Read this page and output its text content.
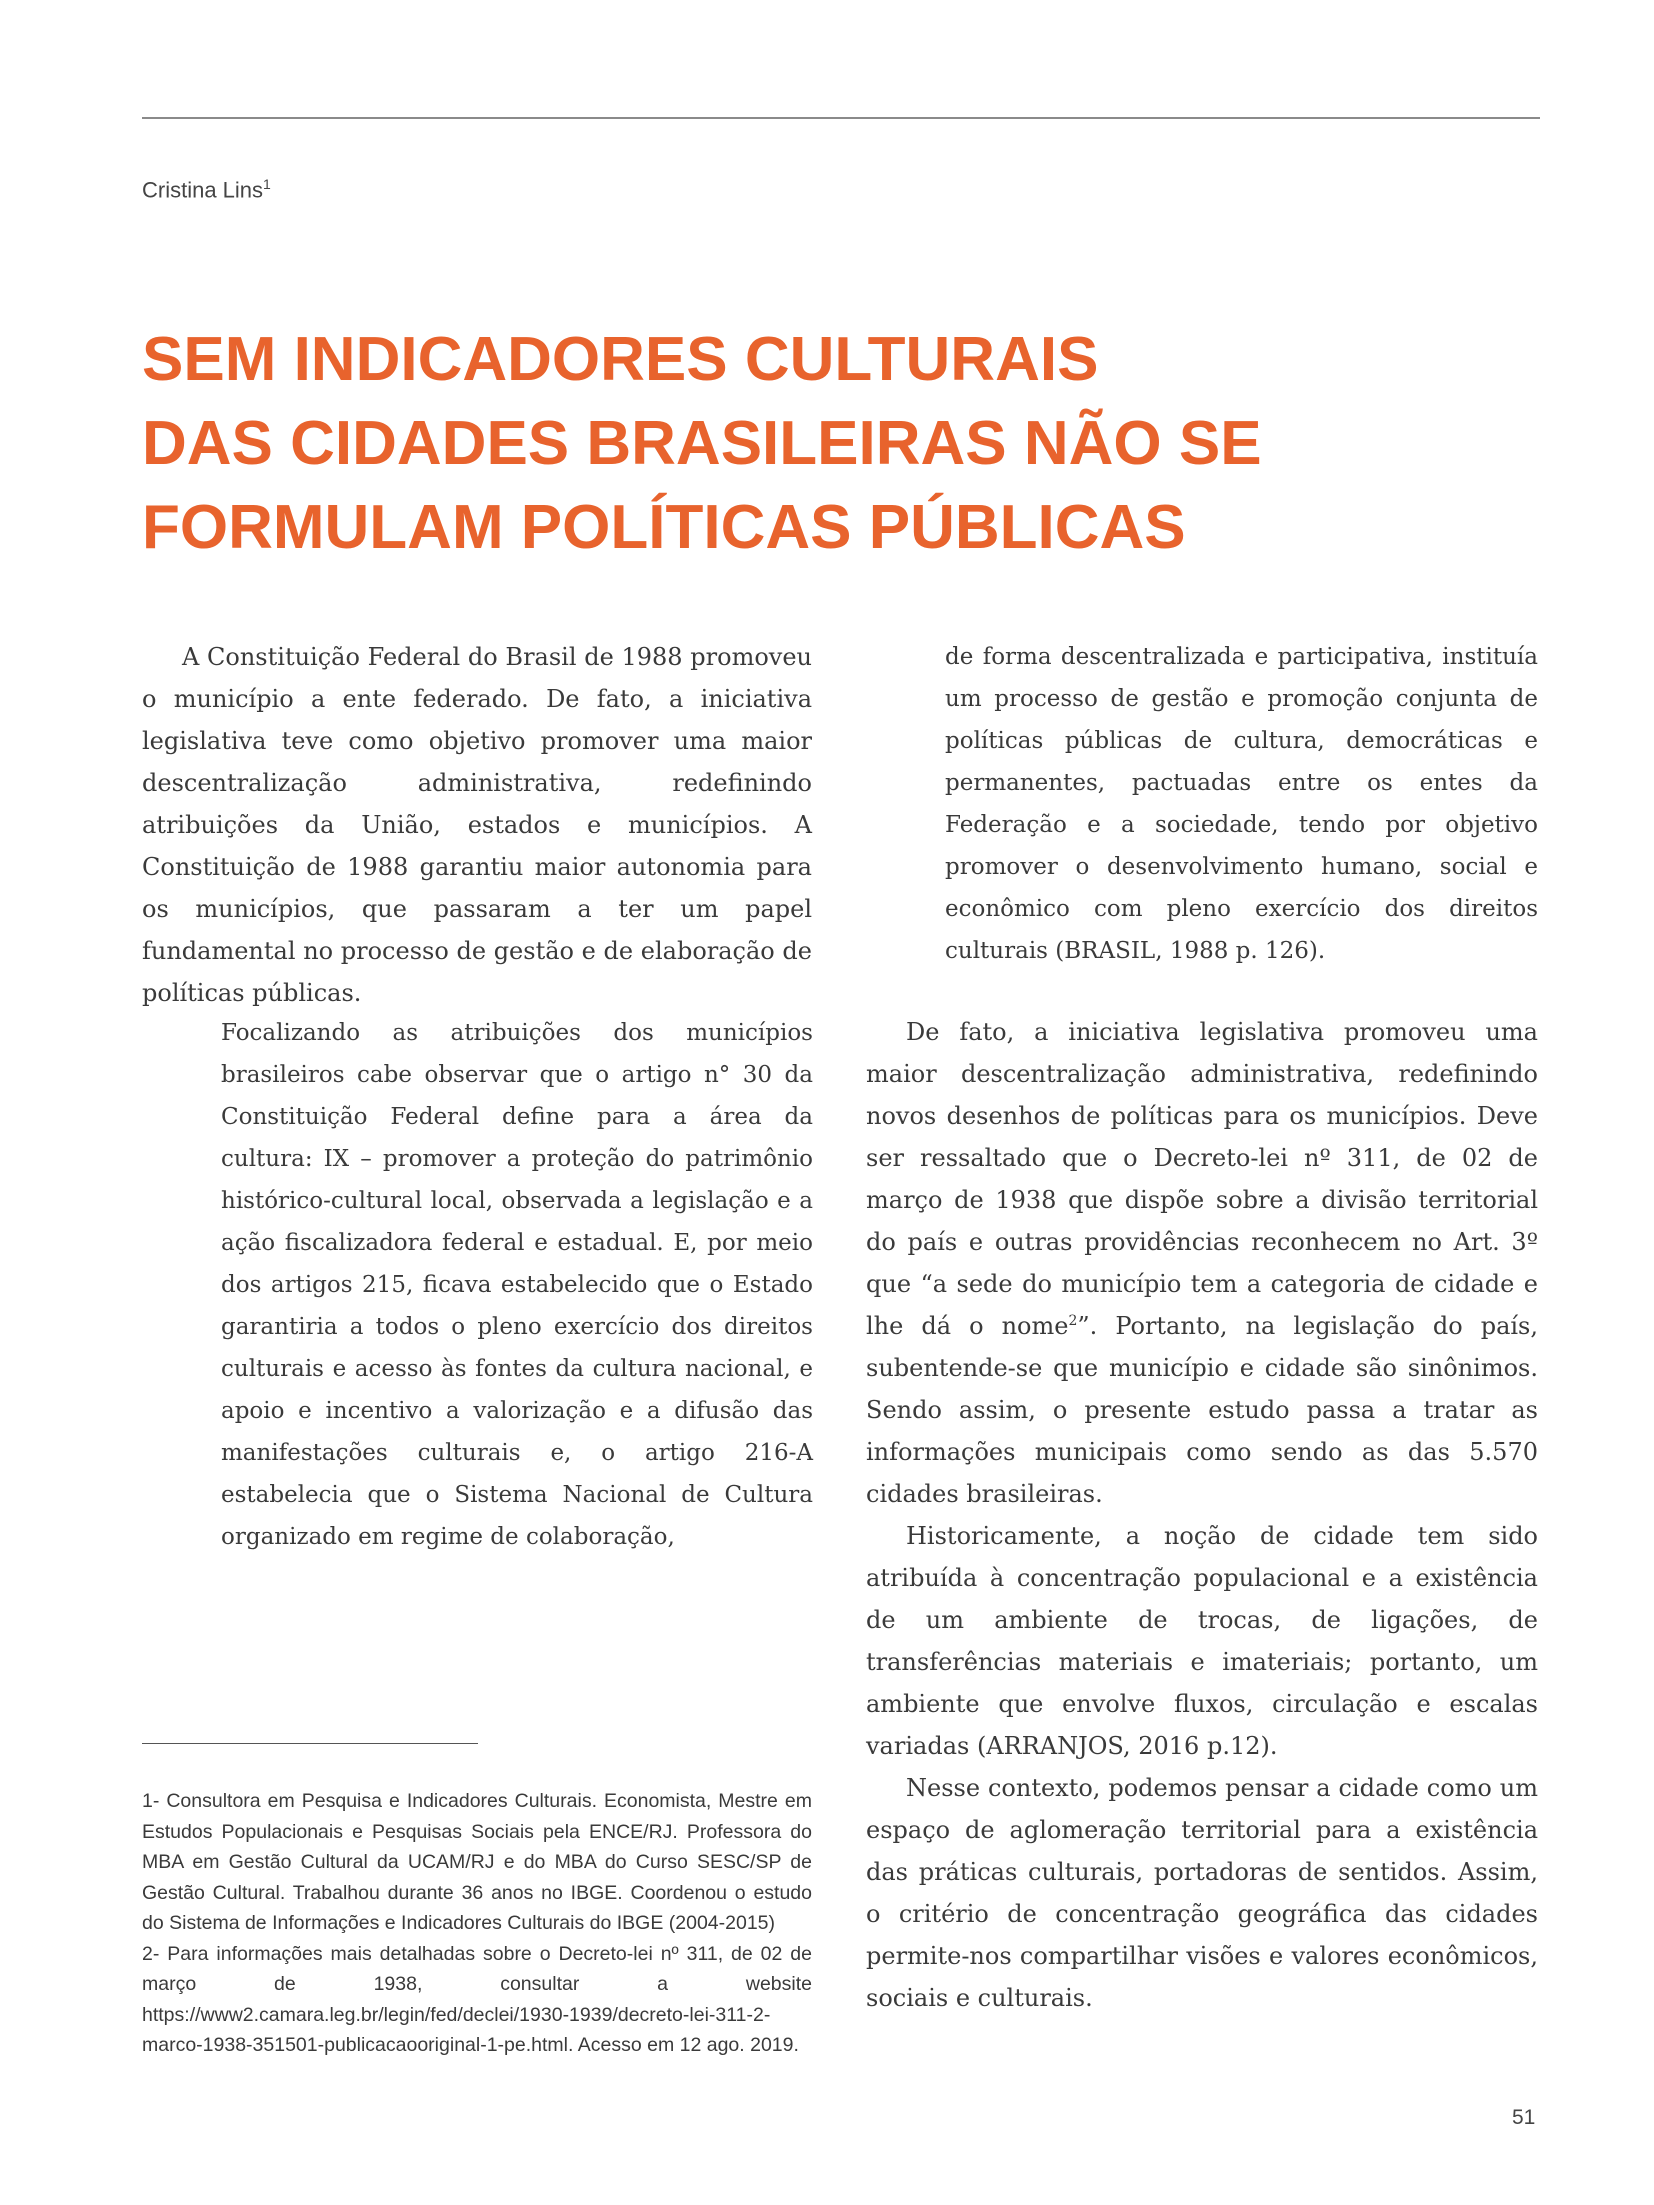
Cristina Lins$^1$
SEM INDICADORES CULTURAIS
DAS CIDADES BRASILEIRAS NÃO SE
FORMULAM POLÍTICAS PÚBLICAS

A Constituição Federal do Brasil de 1988 promoveu o município a ente federado. De fato, a iniciativa legislativa teve como objetivo promover uma maior descentralização administrativa, redefinindo atribuições da União, estados e municípios. A Constituição de 1988 garantiu maior autonomia para os municípios, que passaram a ter um papel fundamental no processo de gestão e de elaboração de políticas públicas.

Focalizando as atribuições dos municípios brasileiros cabe observar que o artigo n° 30 da Constituição Federal define para a área da cultura: IX – promover a proteção do patrimônio histórico-cultural local, observada a legislação e a ação fiscalizadora federal e estadual. E, por meio dos artigos 215, ficava estabelecido que o Estado garantiria a todos o pleno exercício dos direitos culturais e acesso às fontes da cultura nacional, e apoio e incentivo a valorização e a difusão das manifestações culturais e, o artigo 216-A estabelecia que o Sistema Nacional de Cultura organizado em regime de colaboração,

de forma descentralizada e participativa, instituía um processo de gestão e promoção conjunta de políticas públicas de cultura, democráticas e permanentes, pactuadas entre os entes da Federação e a sociedade, tendo por objetivo promover o desenvolvimento humano, social e econômico com pleno exercício dos direitos culturais (BRASIL, 1988 p. 126).

De fato, a iniciativa legislativa promoveu uma maior descentralização administrativa, redefinindo novos desenhos de políticas para os municípios. Deve ser ressaltado que o Decreto-lei nº 311, de 02 de março de 1938 que dispõe sobre a divisão territorial do país e outras providências reconhecem no Art. 3º que “a sede do município tem a categoria de cidade e lhe dá o nome$^2$”. Portanto, na legislação do país, subentende-se que município e cidade são sinônimos. Sendo assim, o presente estudo passa a tratar as informações municipais como sendo as das 5.570 cidades brasileiras.

Historicamente, a noção de cidade tem sido atribuída à concentração populacional e a existência de um ambiente de trocas, de ligações, de transferências materiais e imateriais; portanto, um ambiente que envolve fluxos, circulação e escalas variadas (ARRANJOS, 2016 p.12).

Nesse contexto, podemos pensar a cidade como um espaço de aglomeração territorial para a existência das práticas culturais, portadoras de sentidos. Assim, o critério de concentração geográfica das cidades permite-nos compartilhar visões e valores econômicos, sociais e culturais.

1- Consultora em Pesquisa e Indicadores Culturais. Economista, Mestre em Estudos Populacionais e Pesquisas Sociais pela ENCE/RJ. Professora do MBA em Gestão Cultural da UCAM/RJ e do MBA do Curso SESC/SP de Gestão Cultural. Trabalhou durante 36 anos no IBGE. Coordenou o estudo do Sistema de Informações e Indicadores Culturais do IBGE (2004-2015)

2- Para informações mais detalhadas sobre o Decreto-lei nº 311, de 02 de março de 1938, consultar a website https://www2.camara.leg.br/legin/fed/declei/1930-1939/decreto-lei-311-2-marco-1938-351501-publicacaooriginal-1-pe.html. Acesso em 12 ago. 2019.

51
